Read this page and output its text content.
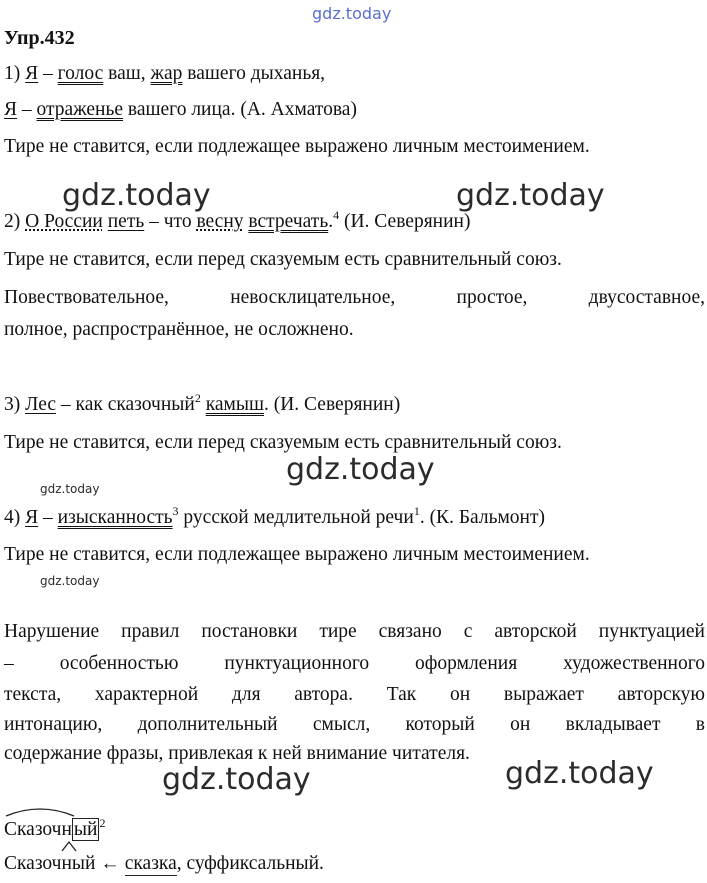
gdz.today
gdz.today	gdz.today
gdz.today
gdz.today
gdz.today
gdz.today	gdz.today
Упр.432
1) Я – голос ваш, жар вашего дыханья,
Я – отраженье вашего лица. (А. Ахматова)
Тире не ставится, если подлежащее выражено личным местоимением.
2) О России петь – что весну встречать.$^4$ (И. Северянин)
Тире не ставится, если перед сказуемым есть сравнительный союз.
Повествовательное, невосклицательное, простое, двусоставное,
полное, распространённое, не осложнено.
3) Лес – как сказочный$^2$ камыш. (И. Северянин)
Тире не ставится, если перед сказуемым есть сравнительный союз.
4) Я – изысканность$^3$ русской медлительной речи$^1$. (К. Бальмонт)
Тире не ставится, если подлежащее выражено личным местоимением.
Нарушение правил постановки тире связано с авторской пунктуацией
– особенностью пунктуационного оформления художественного
текста, характерной для автора. Так он выражает авторскую
интонацию, дополнительный смысл, который он вкладывает в
содержание фразы, привлекая к ней внимание читателя.
Сказочн ый $^2$
Сказоч
ный ← сказка, суффиксальный.
